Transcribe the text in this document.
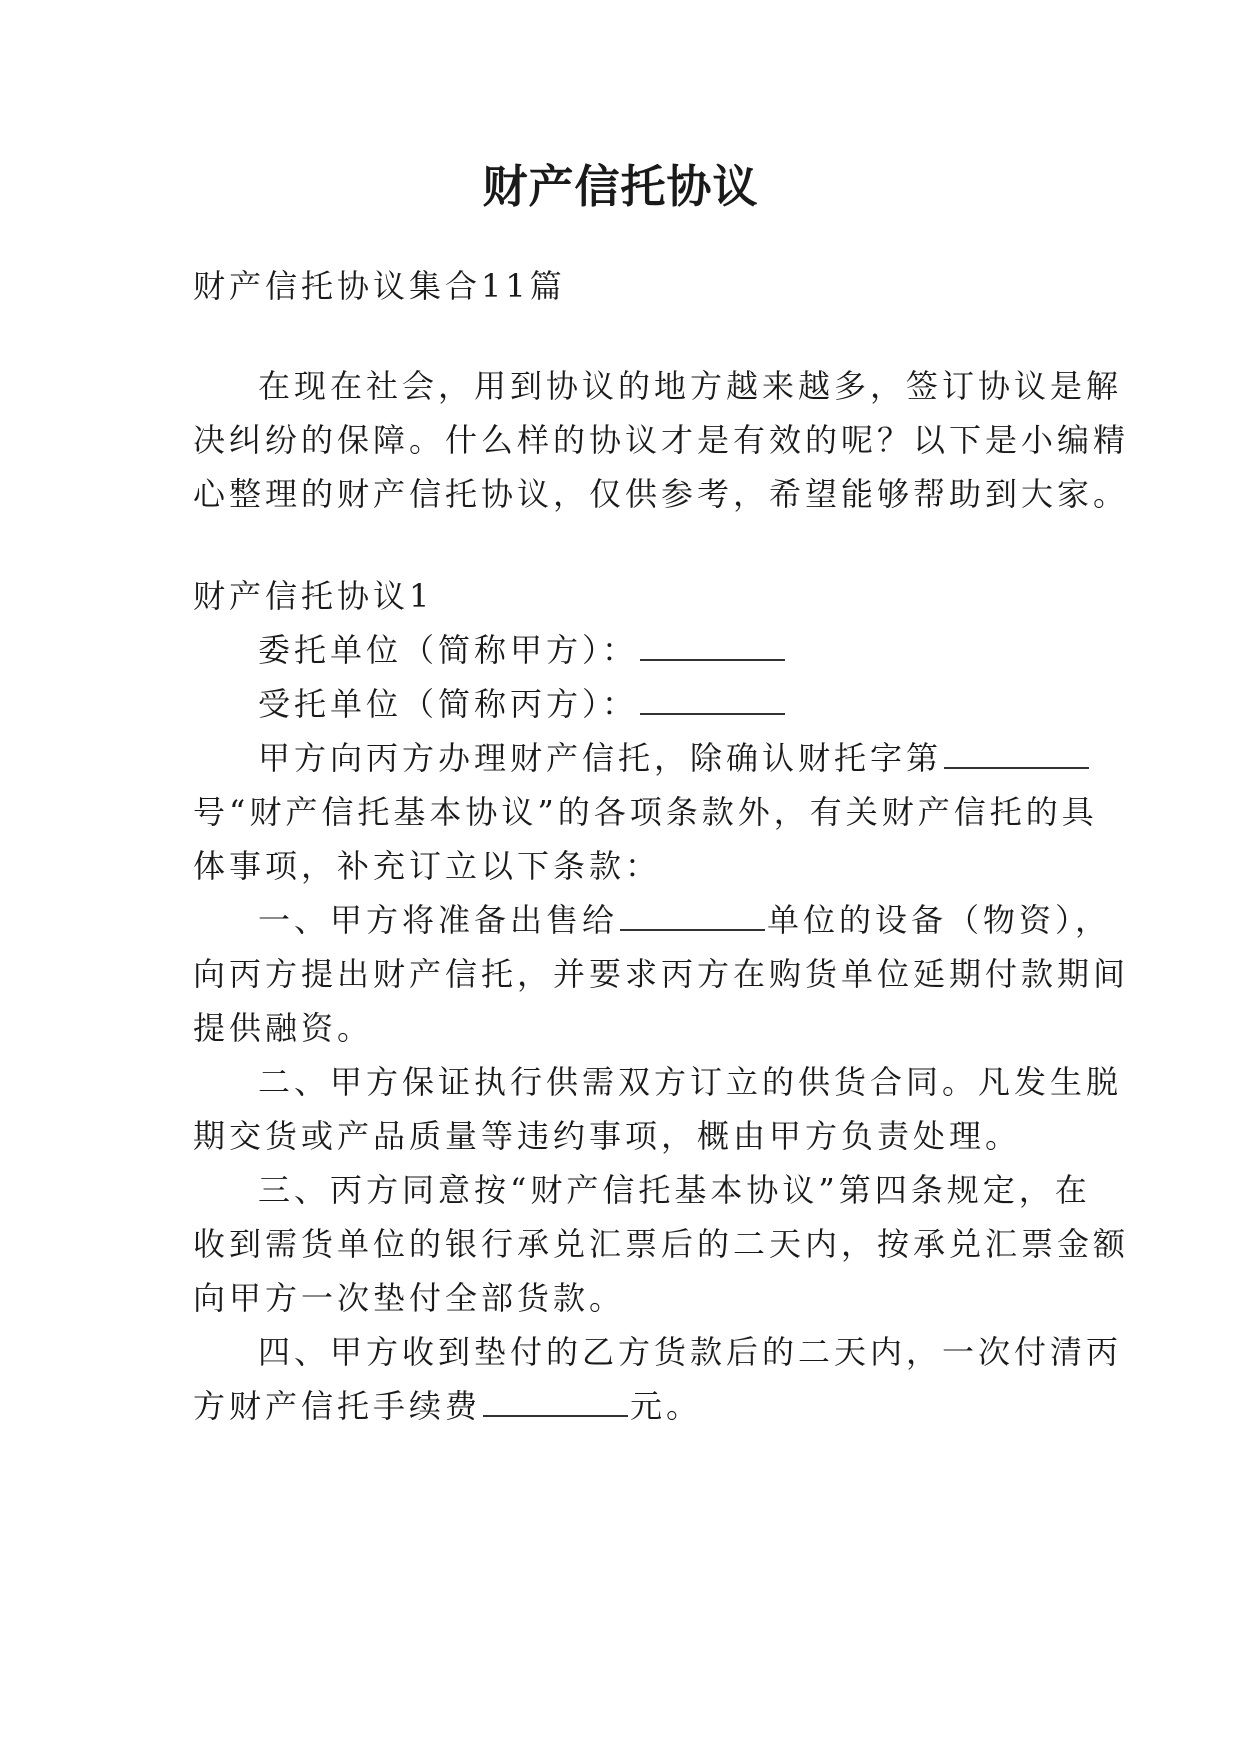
财产信托协议
财产信托协议集合11篇
在现在社会，用到协议的地方越来越多，签订协议是解
决纠纷的保障。什么样的协议才是有效的呢？以下是小编精
心整理的财产信托协议，仅供参考，希望能够帮助到大家。
财产信托协议1
委托单位（简称甲方）：
受托单位（简称丙方）：
甲方向丙方办理财产信托，除确认财托字第
号“财产信托基本协议”的各项条款外，有关财产信托的具
体事项，补充订立以下条款：
一、甲方将准备出售给	单位的设备（物资），
向丙方提出财产信托，并要求丙方在购货单位延期付款期间
提供融资。
二、甲方保证执行供需双方订立的供货合同。凡发生脱
期交货或产品质量等违约事项，概由甲方负责处理。
三、丙方同意按“财产信托基本协议”第四条规定，在
收到需货单位的银行承兑汇票后的二天内，按承兑汇票金额
向甲方一次垫付全部货款。
四、甲方收到垫付的乙方货款后的二天内，一次付清丙
方财产信托手续费	元。
